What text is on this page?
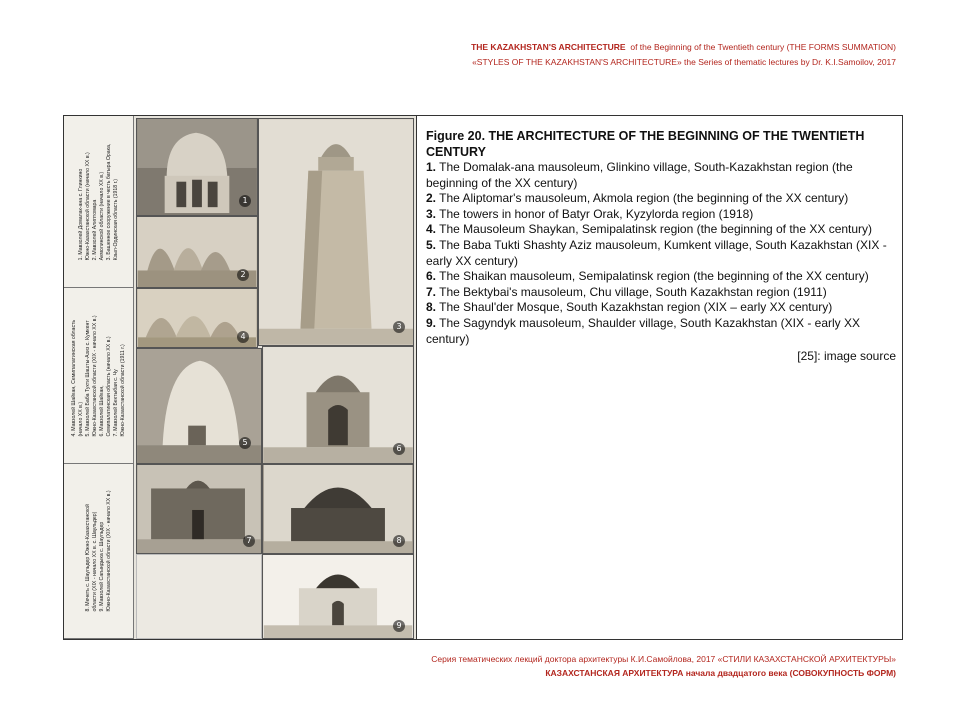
THE KAZAKHSTAN'S ARCHITECTURE of the Beginning of the Twentieth century (THE FORMS SUMMATION)
«STYLES OF THE KAZAKHSTAN'S ARCHITECTURE» the Series of thematic lectures by Dr. K.I.Samoilov, 2017
1. Мавзолей Домалак-ана с. Глинкино Южно-Казахстанской области (начало XX в.) 2. Мавзолей Алиптомара Акмолинской области (начало XX в.) 3. Башенное сооружение в честь батыра Орака, Кзыл-Ординская область (1918 г.)
4. Мавзолей Шайкан, Семипалатинская область (начало XX в.) 5. Мавзолей Баба Тукти Шашты-Азиз с. Кумкент Южно-Казахстанской области (XIX - начало XX в.) 6. Мавзолей Шайкан, Семипалатинская область (начало XX в.) 7. Мавзолей Бектыбая с. Чу Южно-Казахстанской области (1911 г.)
8. Мечеть с. Шаульдер Южно-Казахстанской области (XIX - начало XX в. с. Шаульдер) 9. Мавзолей Сагындыка с. Шаульдер Южно-Казахстанской области (XIX - начало XX в.)
1
2
3
4
5
6
7	8
9
Figure 20. THE ARCHITECTURE OF THE BEGINNING OF THE TWENTIETH CENTURY
1. The Domalak-ana mausoleum, Glinkino village, South-Kazakhstan region (the beginning of the XX century)
2. The Aliptomar's mausoleum, Akmola region (the beginning of the XX century)
3. The towers in honor of Batyr Orak, Kyzylorda region (1918)
4. The Mausoleum Shaykan, Semipalatinsk region (the beginning of the XX century)
5. The Baba Tukti Shashty Aziz mausoleum, Kumkent village, South Kazakhstan (XIX - early XX century)
6. The Shaikan mausoleum, Semipalatinsk region (the beginning of the XX century)
7. The Bektybai's mausoleum, Chu village, South Kazakhstan region (1911)
8. The Shaul'der Mosque, South Kazakhstan region (XIX – early XX century)
9. The Sagyndyk mausoleum, Shaulder village, South Kazakhstan (XIX - early XX century)
[25]: image source
Серия тематических лекций доктора архитектуры К.И.Самойлова, 2017 «СТИЛИ КАЗАХСТАНСКОЙ АРХИТЕКТУРЫ»
КАЗАХСТАНСКАЯ АРХИТЕКТУРА начала двадцатого века (СОВОКУПНОСТЬ ФОРМ)
